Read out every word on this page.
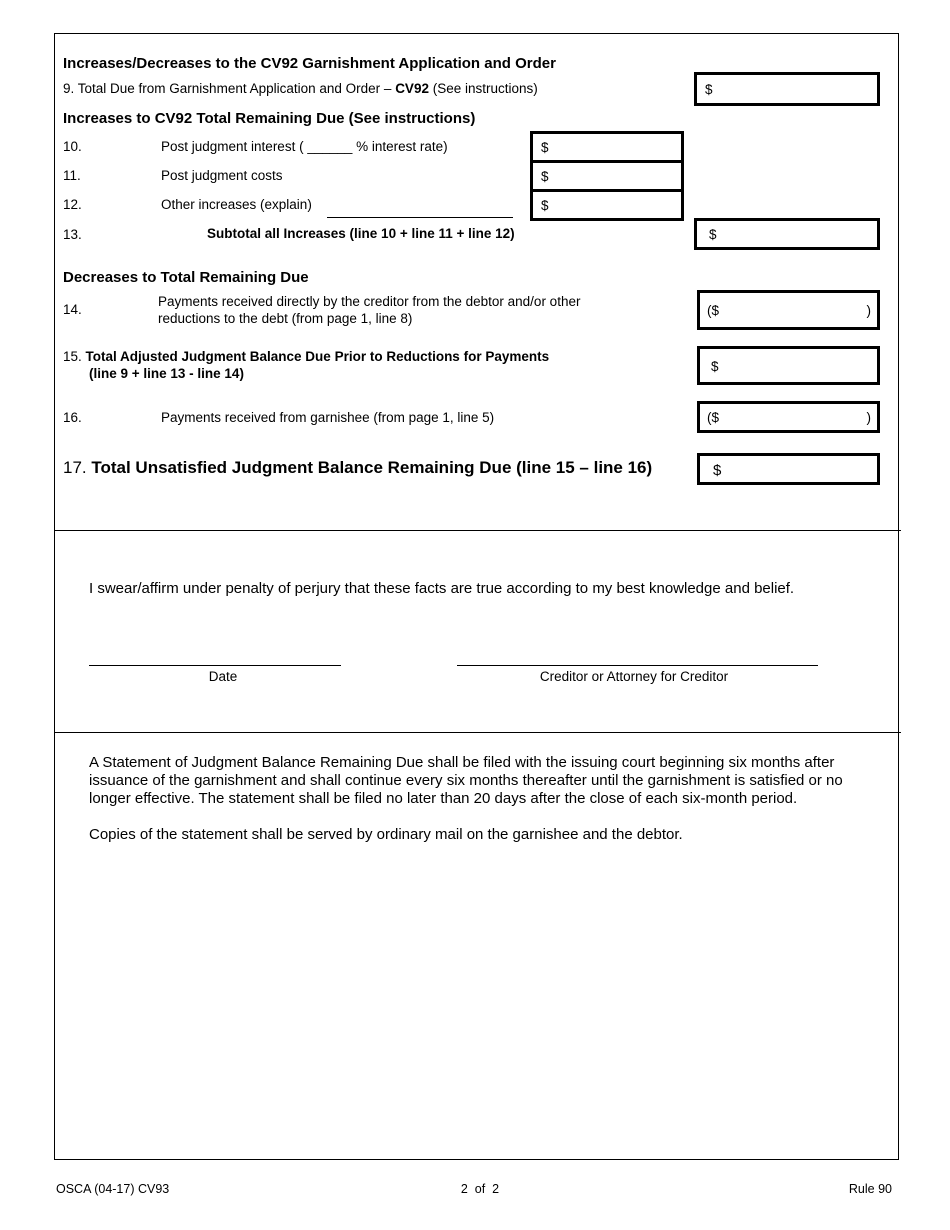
Increases/Decreases to the CV92 Garnishment Application and Order
9. Total Due from Garnishment Application and Order – CV92 (See instructions)	$
Increases to CV92 Total Remaining Due (See instructions)
10.	Post judgment interest ( ______ % interest rate)	$
11.	Post judgment costs	$
12.	Other increases (explain)	$
13.	Subtotal all Increases (line 10 + line 11 + line 12)	$
Decreases to Total Remaining Due
14.
Payments received directly by the creditor from the debtor and/or other
reductions to the debt (from page 1, line 8)
($	)
15. Total Adjusted Judgment Balance Due Prior to Reductions for Payments
(line 9 + line 13 - line 14)	$
16.	Payments received from garnishee (from page 1, line 5)	($	)
17. Total Unsatisfied Judgment Balance Remaining Due (line 15 – line 16)	$
I swear/affirm under penalty of perjury that these facts are true according to my best knowledge and belief.
Date	Creditor or Attorney for Creditor
A Statement of Judgment Balance Remaining Due shall be filed with the issuing court beginning six months after
issuance of the garnishment and shall continue every six months thereafter until the garnishment is satisfied or no
longer effective. The statement shall be filed no later than 20 days after the close of each six-month period.
Copies of the statement shall be served by ordinary mail on the garnishee and the debtor.
OSCA (04-17) CV93	2  of  2	Rule 90
